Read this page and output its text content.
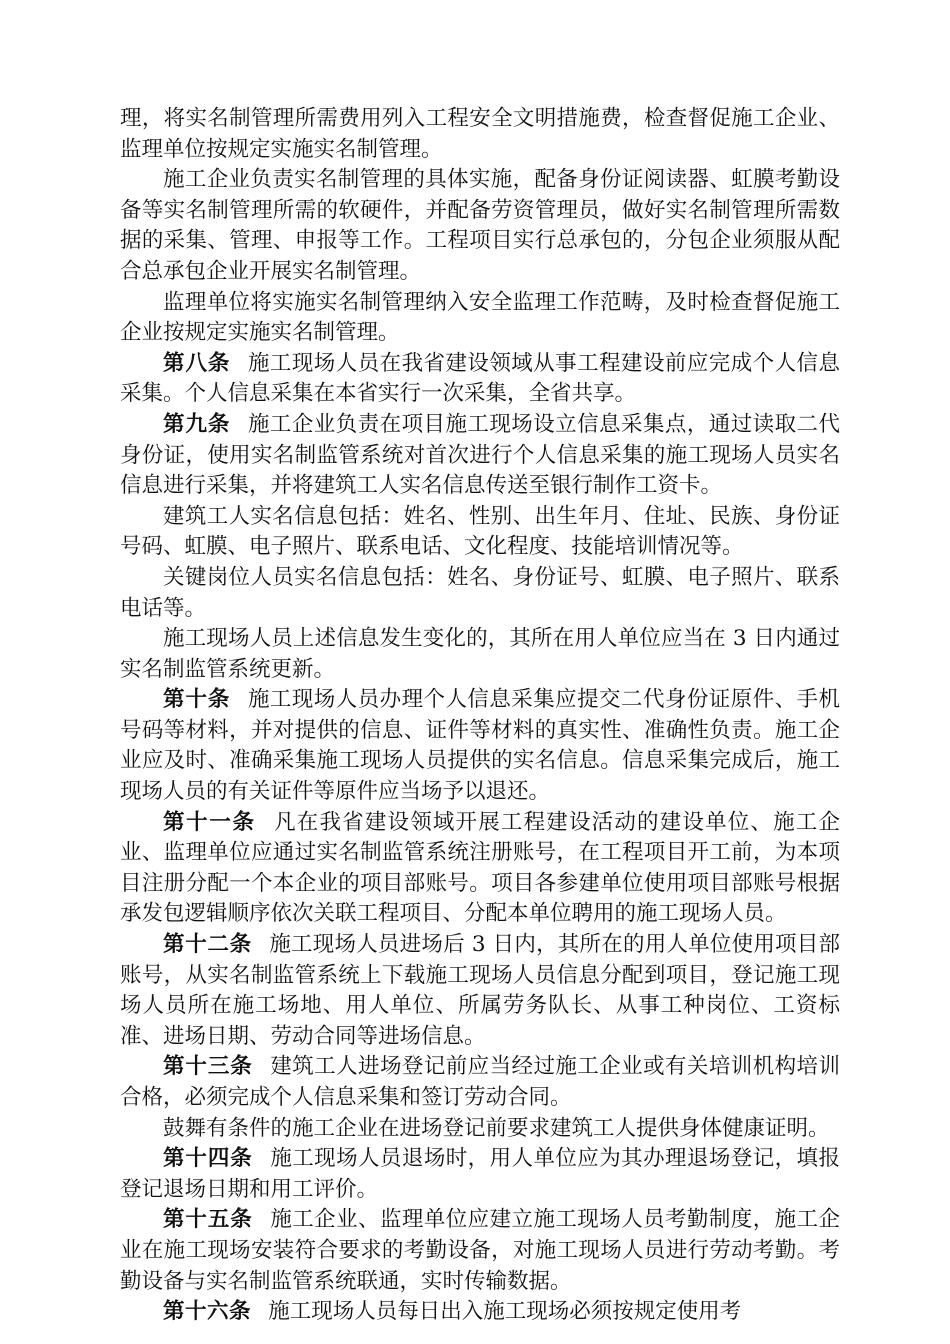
理，将实名制管理所需费用列入工程安全文明措施费，检查督促施工企业、监理单位按规定实施实名制管理。

施工企业负责实名制管理的具体实施，配备身份证阅读器、虹膜考勤设备等实名制管理所需的软硬件，并配备劳资管理员，做好实名制管理所需数据的采集、管理、申报等工作。工程项目实行总承包的，分包企业须服从配合总承包企业开展实名制管理。

监理单位将实施实名制管理纳入安全监理工作范畴，及时检查督促施工企业按规定实施实名制管理。

第八条 施工现场人员在我省建设领域从事工程建设前应完成个人信息采集。个人信息采集在本省实行一次采集，全省共享。

第九条 施工企业负责在项目施工现场设立信息采集点，通过读取二代身份证，使用实名制监管系统对首次进行个人信息采集的施工现场人员实名信息进行采集，并将建筑工人实名信息传送至银行制作工资卡。

建筑工人实名信息包括：姓名、性别、出生年月、住址、民族、身份证号码、虹膜、电子照片、联系电话、文化程度、技能培训情况等。

关键岗位人员实名信息包括：姓名、身份证号、虹膜、电子照片、联系电话等。

施工现场人员上述信息发生变化的，其所在用人单位应当在 3 日内通过实名制监管系统更新。

第十条 施工现场人员办理个人信息采集应提交二代身份证原件、手机号码等材料，并对提供的信息、证件等材料的真实性、准确性负责。施工企业应及时、准确采集施工现场人员提供的实名信息。信息采集完成后，施工现场人员的有关证件等原件应当场予以退还。

第十一条 凡在我省建设领域开展工程建设活动的建设单位、施工企业、监理单位应通过实名制监管系统注册账号，在工程项目开工前，为本项目注册分配一个本企业的项目部账号。项目各参建单位使用项目部账号根据承发包逻辑顺序依次关联工程项目、分配本单位聘用的施工现场人员。

第十二条 施工现场人员进场后 3 日内，其所在的用人单位使用项目部账号，从实名制监管系统上下载施工现场人员信息分配到项目，登记施工现场人员所在施工场地、用人单位、所属劳务队长、从事工种岗位、工资标准、进场日期、劳动合同等进场信息。

第十三条 建筑工人进场登记前应当经过施工企业或有关培训机构培训合格，必须完成个人信息采集和签订劳动合同。

鼓舞有条件的施工企业在进场登记前要求建筑工人提供身体健康证明。

第十四条 施工现场人员退场时，用人单位应为其办理退场登记，填报登记退场日期和用工评价。

第十五条 施工企业、监理单位应建立施工现场人员考勤制度，施工企业在施工现场安装符合要求的考勤设备，对施工现场人员进行劳动考勤。考勤设备与实名制监管系统联通，实时传输数据。

第十六条 施工现场人员每日出入施工现场必须按规定使用考
